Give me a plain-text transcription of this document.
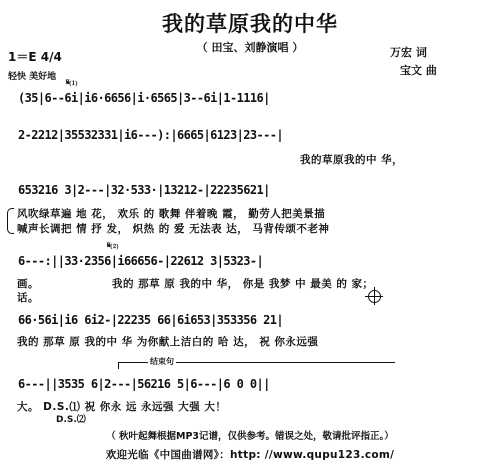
我的草原我的中华
（ 田宝、刘静演唱 ）	万宏 词
宝文 曲
1＝E 4/4
轻快 美好地
𝄋⑴
(35|6--6i|i6·6656|i·6565|3--6i|1-1116|
2-2212|35532331|i6---):|6665|6123|23---|
我的草原我的中 华，
653216 3|2---|32·533·|13212-|22235621|
风吹绿草遍 地 花， 欢乐 的 歌舞 伴着晚 霞， 勤劳人把美景描
喊声长调把 情 抒 发， 炽热 的 爱 无法表 达， 马背传颂不老神
𝄋⑵
6---:||33·2356|i66656-|22612 3|5323-|
画。
话。
我的 那草 原 我的中 华， 你是 我梦 中 最美 的 家；
66·56i|i6 6i2-|22235 66|6i653|353356 21|
我的 那草 原 我的中 华 为你献上洁白的 哈 达， 祝 你永远强
结束句
6---||3535 6|2---|56216 5|6---|6 0 0||
大。 D.S.⑴ 祝 你永 远 永远强 大强 大！
D.S.⑵
（ 秋叶起舞根据MP3记谱，仅供参考。错误之处，敬请批评指正。）
欢迎光临《中国曲谱网》：http: //www.qupu123.com/
